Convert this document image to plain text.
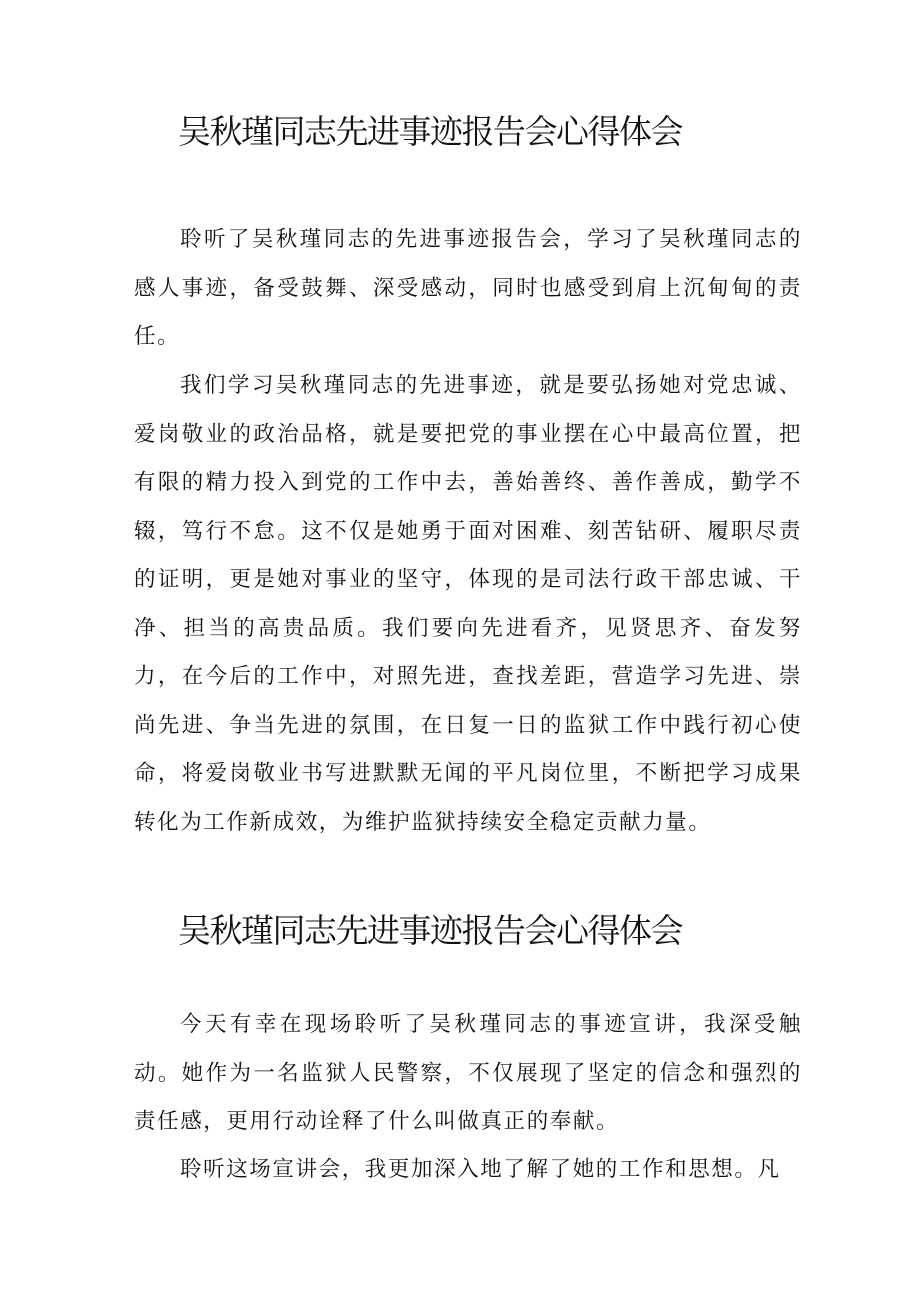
吴秋瑾同志先进事迹报告会心得体会

聆听了吴秋瑾同志的先进事迹报告会，学习了吴秋瑾同志的感人事迹，备受鼓舞、深受感动，同时也感受到肩上沉甸甸的责任。

我们学习吴秋瑾同志的先进事迹，就是要弘扬她对党忠诚、爱岗敬业的政治品格，就是要把党的事业摆在心中最高位置，把有限的精力投入到党的工作中去，善始善终、善作善成，勤学不辍，笃行不怠。这不仅是她勇于面对困难、刻苦钻研、履职尽责的证明，更是她对事业的坚守，体现的是司法行政干部忠诚、干净、担当的高贵品质。我们要向先进看齐，见贤思齐、奋发努力，在今后的工作中，对照先进，查找差距，营造学习先进、崇尚先进、争当先进的氛围，在日复一日的监狱工作中践行初心使命，将爱岗敬业书写进默默无闻的平凡岗位里，不断把学习成果转化为工作新成效，为维护监狱持续安全稳定贡献力量。

吴秋瑾同志先进事迹报告会心得体会

今天有幸在现场聆听了吴秋瑾同志的事迹宣讲，我深受触动。她作为一名监狱人民警察，不仅展现了坚定的信念和强烈的责任感，更用行动诠释了什么叫做真正的奉献。

聆听这场宣讲会，我更加深入地了解了她的工作和思想。凡
